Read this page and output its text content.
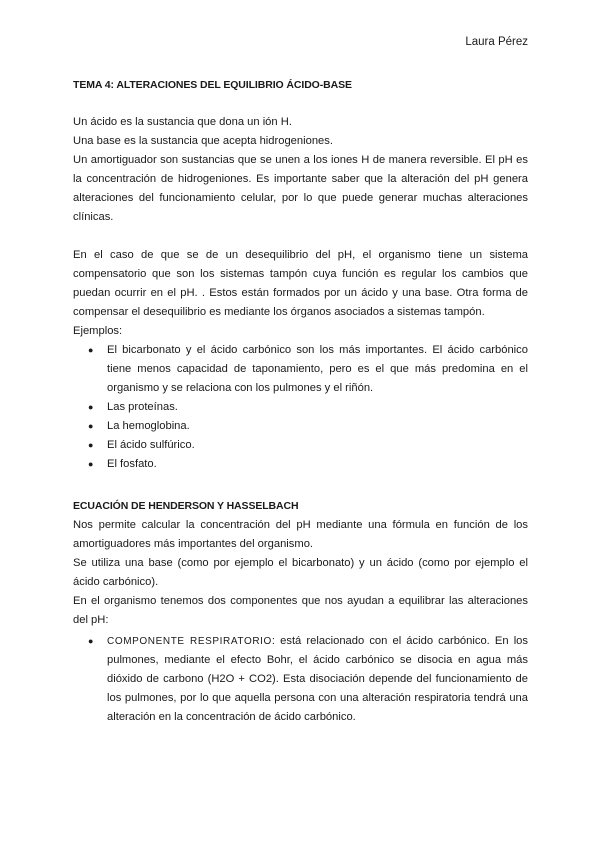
Laura Pérez
TEMA 4: ALTERACIONES DEL EQUILIBRIO ÁCIDO-BASE

Un ácido es la sustancia que dona un ión H.

Una base es la sustancia que acepta hidrogeniones.

Un amortiguador son sustancias que se unen a los iones H de manera reversible. El pH es la concentración de hidrogeniones. Es importante saber que la alteración del pH genera alteraciones del funcionamiento celular, por lo que puede generar muchas alteraciones clínicas.

En el caso de que se de un desequilibrio del pH, el organismo tiene un sistema compensatorio que son los sistemas tampón cuya función es regular los cambios que puedan ocurrir en el pH. . Estos están formados por un ácido y una base. Otra forma de compensar el desequilibrio es mediante los órganos asociados a sistemas tampón.

Ejemplos:

● El bicarbonato y el ácido carbónico son los más importantes. El ácido carbónico tiene menos capacidad de taponamiento, pero es el que más predomina en el organismo y se relaciona con los pulmones y el riñón.
● Las proteínas.
● La hemoglobina.
● El ácido sulfúrico.
● El fosfato.
ECUACIÓN DE HENDERSON Y HASSELBACH

Nos permite calcular la concentración del pH mediante una fórmula en función de los amortiguadores más importantes del organismo.

Se utiliza una base (como por ejemplo el bicarbonato) y un ácido (como por ejemplo el ácido carbónico).

En el organismo tenemos dos componentes que nos ayudan a equilibrar las alteraciones del pH:

● COMPONENTE RESPIRATORIO: está relacionado con el ácido carbónico. En los pulmones, mediante el efecto Bohr, el ácido carbónico se disocia en agua más dióxido de carbono (H2O + CO2). Esta disociación depende del funcionamiento de los pulmones, por lo que aquella persona con una alteración respiratoria tendrá una alteración en la concentración de ácido carbónico.
